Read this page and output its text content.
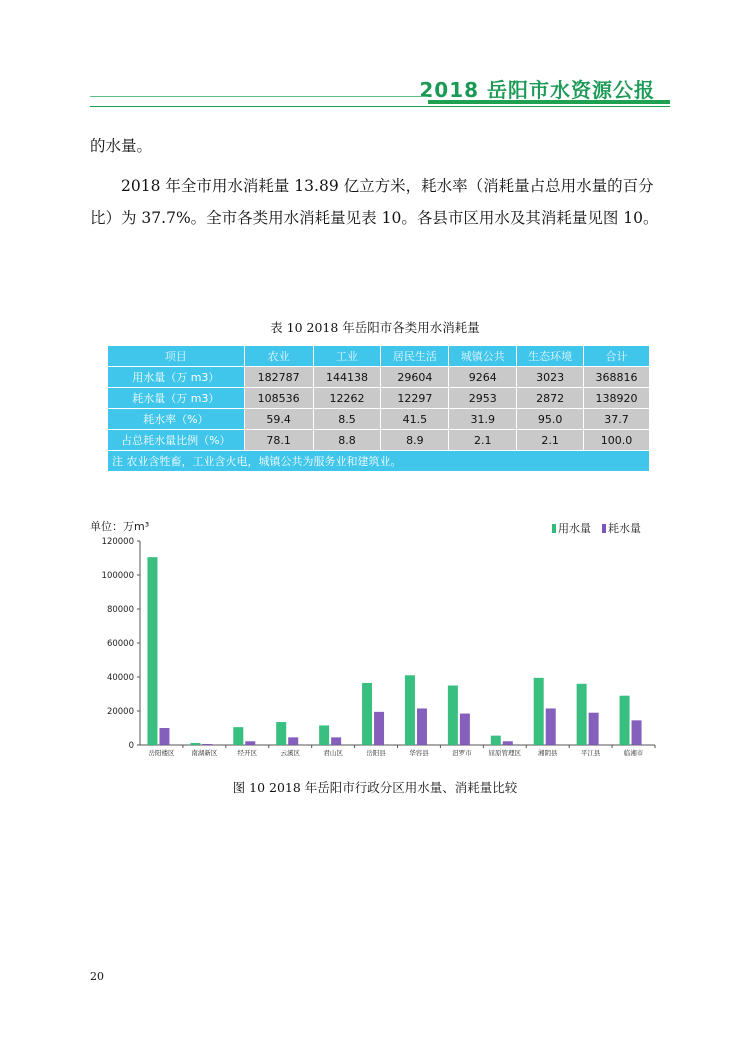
2018 岳阳市水资源公报
的水量。
2018 年全市用水消耗量 13.89 亿立方米，耗水率（消耗量占总用水量的百分比）为 37.7%。全市各类用水消耗量见表 10。各县市区用水及其消耗量见图 10。
表 10 2018 年岳阳市各类用水消耗量
项目	农业	工业	居民生活	城镇公共	生态环境	合计
用水量（万 m3）	182787	144138	29604	9264	3023	368816
耗水量（万 m3）	108536	12262	12297	2953	2872	138920
耗水率（%）	59.4	8.5	41.5	31.9	95.0	37.7
占总耗水量比例（%）	78.1	8.8	8.9	2.1	2.1	100.0
注 农业含牲畜，工业含火电，城镇公共为服务业和建筑业。						
单位：万m³
0
20000
40000
60000
80000
100000
120000
岳阳楼区	南湖新区	经开区	云溪区	君山区	岳阳县	华容县	汨罗市	屈原管理区	湘阴县	平江县	临湘市
用水量 耗水量
图 10 2018 年岳阳市行政分区用水量、消耗量比较
20
